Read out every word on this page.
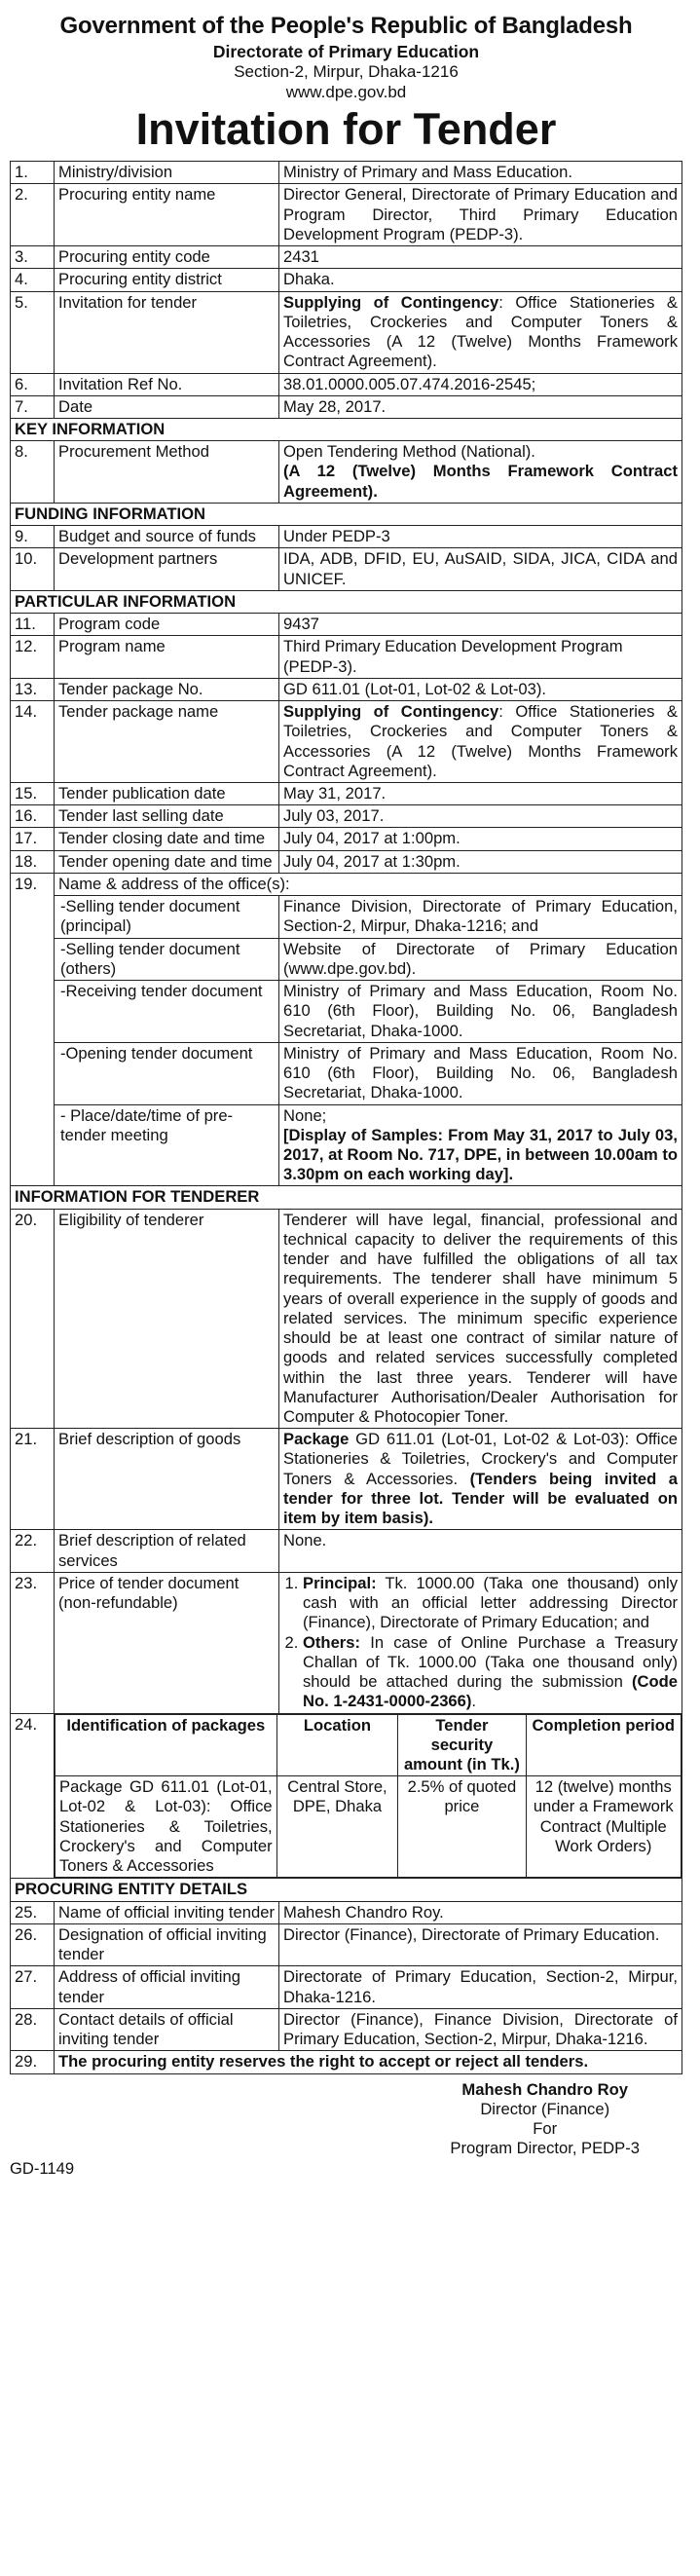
Government of the People's Republic of Bangladesh
Directorate of Primary Education
Section-2, Mirpur, Dhaka-1216
www.dpe.gov.bd
Invitation for Tender
1.	Ministry/division	Ministry of Primary and Mass Education.
2.	Procuring entity name	Director General, Directorate of Primary Education and Program Director, Third Primary Education Development Program (PEDP-3).
3.	Procuring entity code	2431
4.	Procuring entity district	Dhaka.
5.	Invitation for tender	Supplying of Contingency: Office Stationeries & Toiletries, Crockeries and Computer Toners & Accessories (A 12 (Twelve) Months Framework Contract Agreement).
6.	Invitation Ref No.	38.01.0000.005.07.474.2016-2545;
7.	Date	May 28, 2017.
KEY INFORMATION
8.	Procurement Method	Open Tendering Method (National).
(A 12 (Twelve) Months Framework Contract Agreement).

FUNDING INFORMATION
9.	Budget and source of funds	Under PEDP-3
10.	Development partners	IDA, ADB, DFID, EU, AuSAID, SIDA, JICA, CIDA and UNICEF.
PARTICULAR INFORMATION
11.	Program code	9437
12.	Program name	Third Primary Education Development Program (PEDP-3).
13.	Tender package No.	GD 611.01 (Lot-01, Lot-02 & Lot-03).
14.	Tender package name	Supplying of Contingency: Office Stationeries & Toiletries, Crockeries and Computer Toners & Accessories (A 12 (Twelve) Months Framework Contract Agreement).
15.	Tender publication date	May 31, 2017.
16.	Tender last selling date	July 03, 2017.
17.	Tender closing date and time	July 04, 2017 at 1:00pm.
18.	Tender opening date and time	July 04, 2017 at 1:30pm.
19.	Name & address of the office(s):
-Selling tender document (principal)	Finance Division, Directorate of Primary Education, Section-2, Mirpur, Dhaka-1216; and
-Selling tender document (others)	Website of Directorate of Primary Education (www.dpe.gov.bd).
-Receiving tender document	Ministry of Primary and Mass Education, Room No. 610 (6th Floor), Building No. 06, Bangladesh Secretariat, Dhaka-1000.
-Opening tender document	Ministry of Primary and Mass Education, Room No. 610 (6th Floor), Building No. 06, Bangladesh Secretariat, Dhaka-1000.
- Place/date/time of pre-tender meeting	
None;
[Display of Samples: From May 31, 2017 to July 03, 2017, at Room No. 717, DPE, in between 10.00am to 3.30pm on each working day].

INFORMATION FOR TENDERER
20.	Eligibility of tenderer	Tenderer will have legal, financial, professional and technical capacity to deliver the requirements of this tender and have fulfilled the obligations of all tax requirements. The tenderer shall have minimum 5 years of overall experience in the supply of goods and related services. The minimum specific experience should be at least one contract of similar nature of goods and related services successfully completed within the last three years. Tenderer will have Manufacturer Authorisation/Dealer Authorisation for Computer & Photocopier Toner.
21.	Brief description of goods	Package GD 611.01 (Lot-01, Lot-02 & Lot-03): Office Stationeries & Toiletries, Crockery's and Computer Toners & Accessories. (Tenders being invited a tender for three lot. Tender will be evaluated on item by item basis).
22.	Brief description of related services	None.
23.	Price of tender document (non-refundable)	
1. Principal: Tk. 1000.00 (Taka one thousand) only cash with an official letter addressing Director (Finance), Directorate of Primary Education; and
2. Others: In case of Online Purchase a Treasury Challan of Tk. 1000.00 (Taka one thousand only) should be attached during the submission (Code No. 1-2431-0000-2366).

24.	Identification of packages	Location	Tender security amount (in Tk.)	Completion period
Package GD 611.01 (Lot-01, Lot-02 & Lot-03): Office Stationeries & Toiletries, Crockery's and Computer Toners & Accessories	Central Store, DPE, Dhaka	2.5% of quoted price	12 (twelve) months under a Framework Contract (Multiple Work Orders)

PROCURING ENTITY DETAILS
25.	Name of official inviting tender	Mahesh Chandro Roy.
26.	Designation of official inviting tender	Director (Finance), Directorate of Primary Education.
27.	Address of official inviting tender	Directorate of Primary Education, Section-2, Mirpur, Dhaka-1216.
28.	Contact details of official inviting tender	Director (Finance), Finance Division, Directorate of Primary Education, Section-2, Mirpur, Dhaka-1216.
29.	The procuring entity reserves the right to accept or reject all tenders.
Mahesh Chandro Roy
Director (Finance)
For
Program Director, PEDP-3
GD-1149
